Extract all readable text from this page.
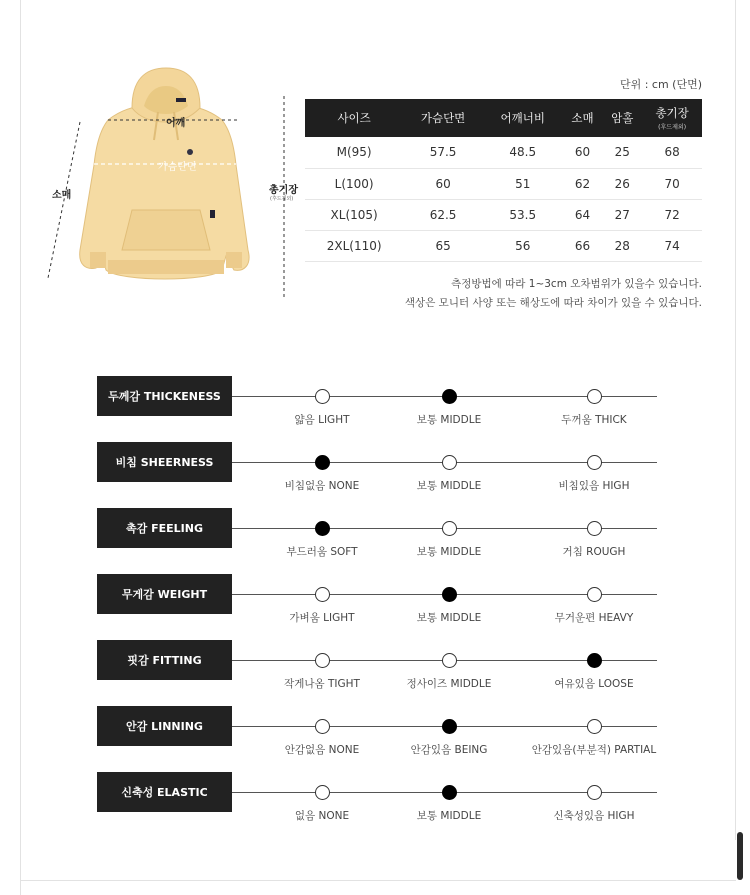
어깨
가슴단면
소매	총기장
(후드제외)
단위 : cm (단면)
사이즈	가슴단면	어깨너비	소매	암홀	총기장
(후드제외)

M(95)	57.5	48.5	60	25	68
L(100)	60	51	62	26	70
XL(105)	62.5	53.5	64	27	72
2XL(110)	65	56	66	28	74
측정방법에 따라 1~3cm 오차범위가 있을수 있습니다.
색상은 모니터 사양 또는 해상도에 따라 차이가 있을 수 있습니다.
두께감 THICKENESS
얇음 LIGHT	보통 MIDDLE	두꺼움 THICK
비침 SHEERNESS
비침없음 NONE	보통 MIDDLE	비침있음 HIGH
촉감 FEELING
부드러움 SOFT	보통 MIDDLE	거침 ROUGH
무게감 WEIGHT
가벼움 LIGHT	보통 MIDDLE	무거운편 HEAVY
핏감 FITTING
작게나옴 TIGHT	정사이즈 MIDDLE	여유있음 LOOSE
안감 LINNING
안감없음 NONE	안감있음 BEING	안감있음(부분적) PARTIAL
신축성 ELASTIC
없음 NONE	보통 MIDDLE	신축성있음 HIGH
